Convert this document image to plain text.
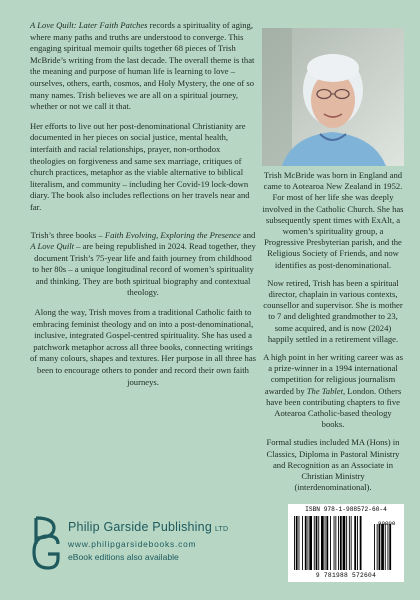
A Love Quilt: Later Faith Patches records a spirituality of aging, where many paths and truths are understood to converge. This engaging spiritual memoir quilts together 68 pieces of Trish McBride’s writing from the last decade. The overall theme is that the meaning and purpose of human life is learning to love – ourselves, others, earth, cosmos, and Holy Mystery, the one of so many names. Trish believes we are all on a spiritual journey, whether or not we call it that.

Her efforts to live out her post-denominational Christianity are documented in her pieces on social justice, mental health, interfaith and racial relationships, prayer, non-orthodox theologies on forgiveness and same sex marriage, critiques of church practices, metaphor as the viable alternative to biblical literalism, and community – including her Covid-19 lock-down diary. The book also includes reflections on her travels near and far.

Trish’s three books – Faith Evolving, Exploring the Presence and A Love Quilt – are being republished in 2024. Read together, they document Trish’s 75-year life and faith journey from childhood to her 80s – a unique longitudinal record of women’s spirituality and thinking. They are both spiritual biography and contextual theology.

Along the way, Trish moves from a traditional Catholic faith to embracing feminist theology and on into a post-denominational, inclusive, integrated Gospel-centred spirituality. She has used a patchwork metaphor across all three books, connecting writings of many colours, shapes and textures. Her purpose in all three has been to encourage others to ponder and record their own faith journeys.

Trish McBride was born in England and came to Aotearoa New Zealand in 1952. For most of her life she was deeply involved in the Catholic Church. She has subsequently spent times with ExAlt, a women’s spirituality group, a Progressive Presbyterian parish, and the Religious Society of Friends, and now identifies as post-denominational.

Now retired, Trish has been a spiritual director, chaplain in various contexts, counsellor and supervisor. She is mother to 7 and delighted grandmother to 23, some acquired, and is now (2024) happily settled in a retirement village.

A high point in her writing career was as a prize-winner in a 1994 international competition for religious journalism awarded by The Tablet, London. Others have been contributing chapters to five Aotearoa Catholic-based theology books.

Formal studies included MA (Hons) in Classics, Diploma in Pastoral Ministry and Recognition as an Associate in Christian Ministry (interdenominational).

Philip Garside Publishing LTD
www.philipgarsidebooks.com
eBook editions also available
ISBN 978-1-988572-60-4
9 781988 572604
90000
